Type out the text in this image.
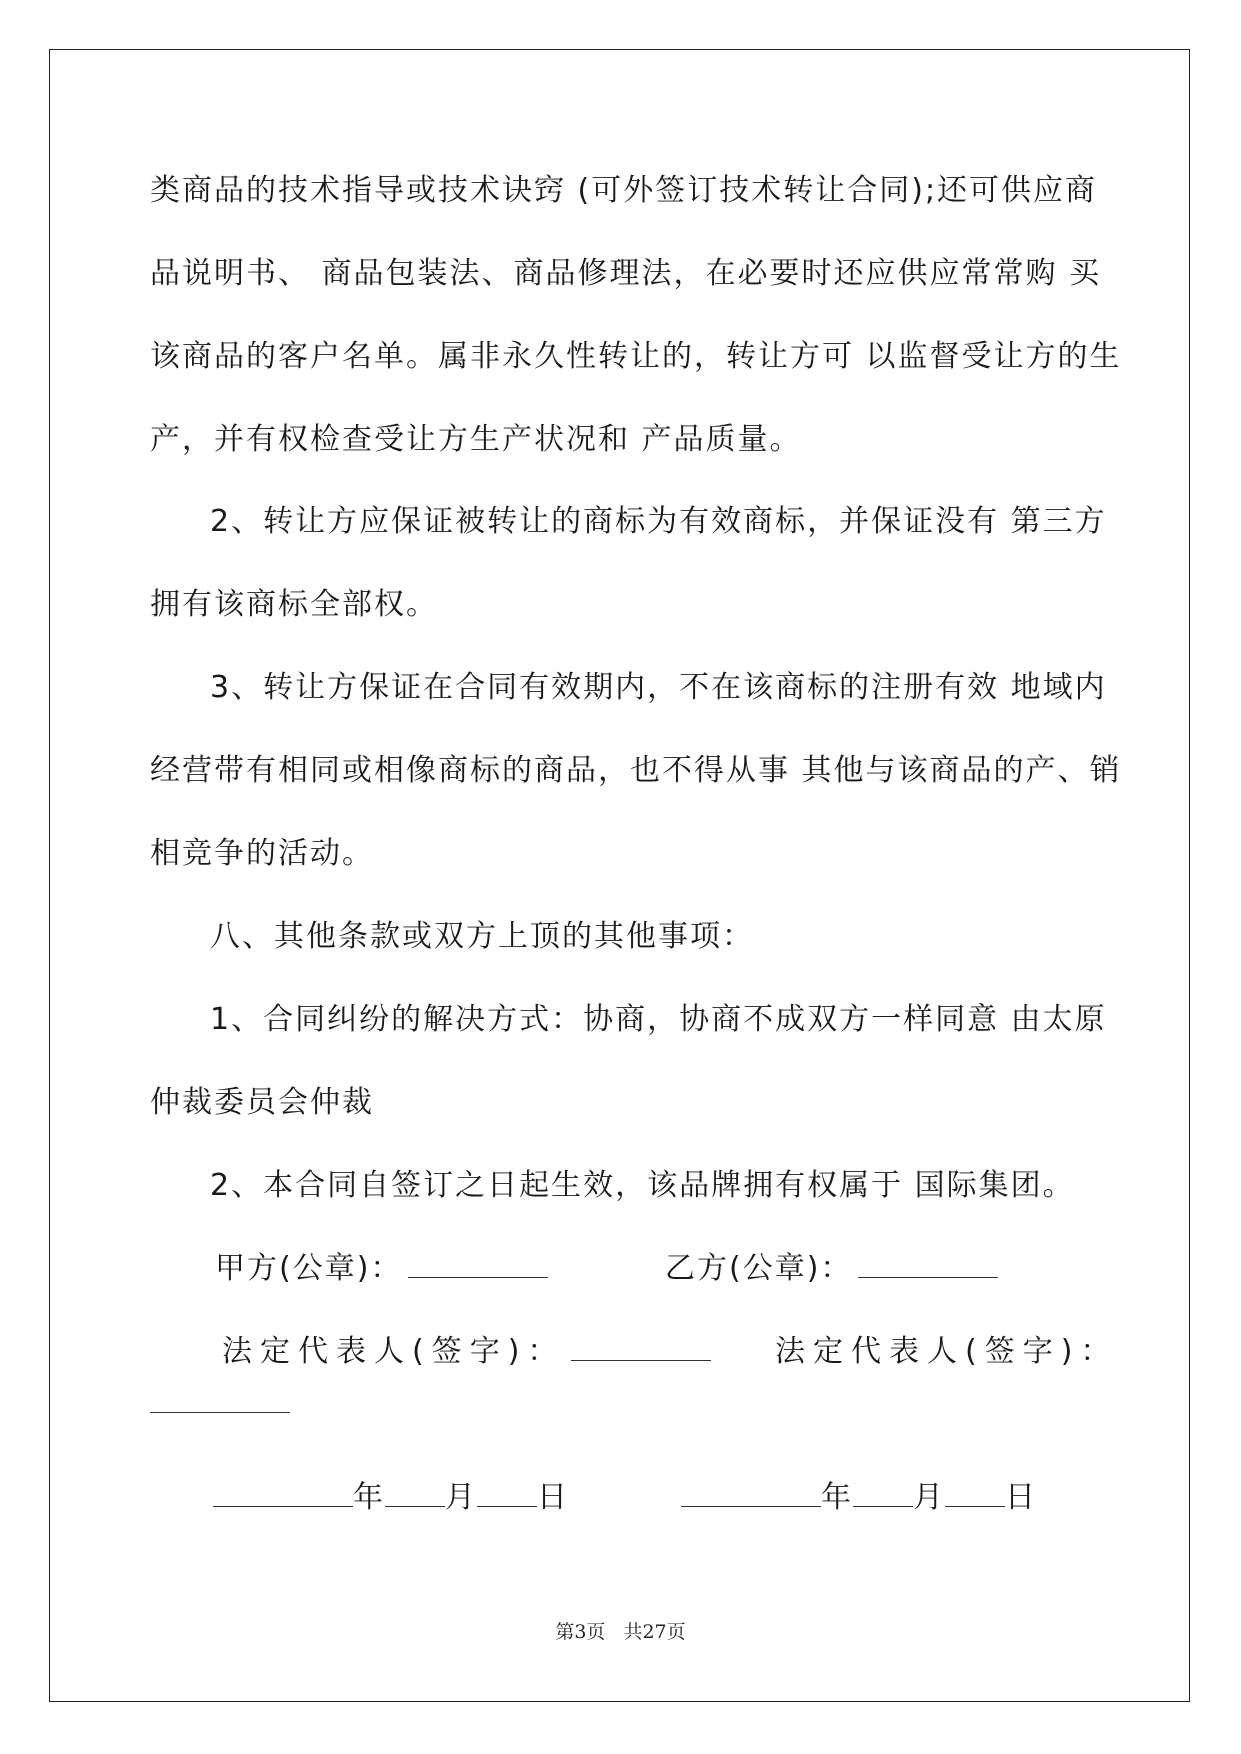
类商品的技术指导或技术诀窍 (可外签订技术转让合同);还可供应商
品说明书、 商品包装法、商品修理法，在必要时还应供应常常购 买
该商品的客户名单。属非永久性转让的，转让方可 以监督受让方的生
产，并有权检查受让方生产状况和 产品质量。
2、转让方应保证被转让的商标为有效商标，并保证没有 第三方
拥有该商标全部权。
3、转让方保证在合同有效期内，不在该商标的注册有效 地域内
经营带有相同或相像商标的商品，也不得从事 其他与该商品的产、销
相竞争的活动。
八、其他条款或双方上顶的其他事项：
1、合同纠纷的解决方式：协商，协商不成双方一样同意 由太原
仲裁委员会仲裁
2、本合同自签订之日起生效，该品牌拥有权属于 国际集团。
甲方(公章)：	乙方(公章)：
法定代表人(签字)：	法定代表人(签字)：
年 月 日	年 月 日
第3页 共27页
